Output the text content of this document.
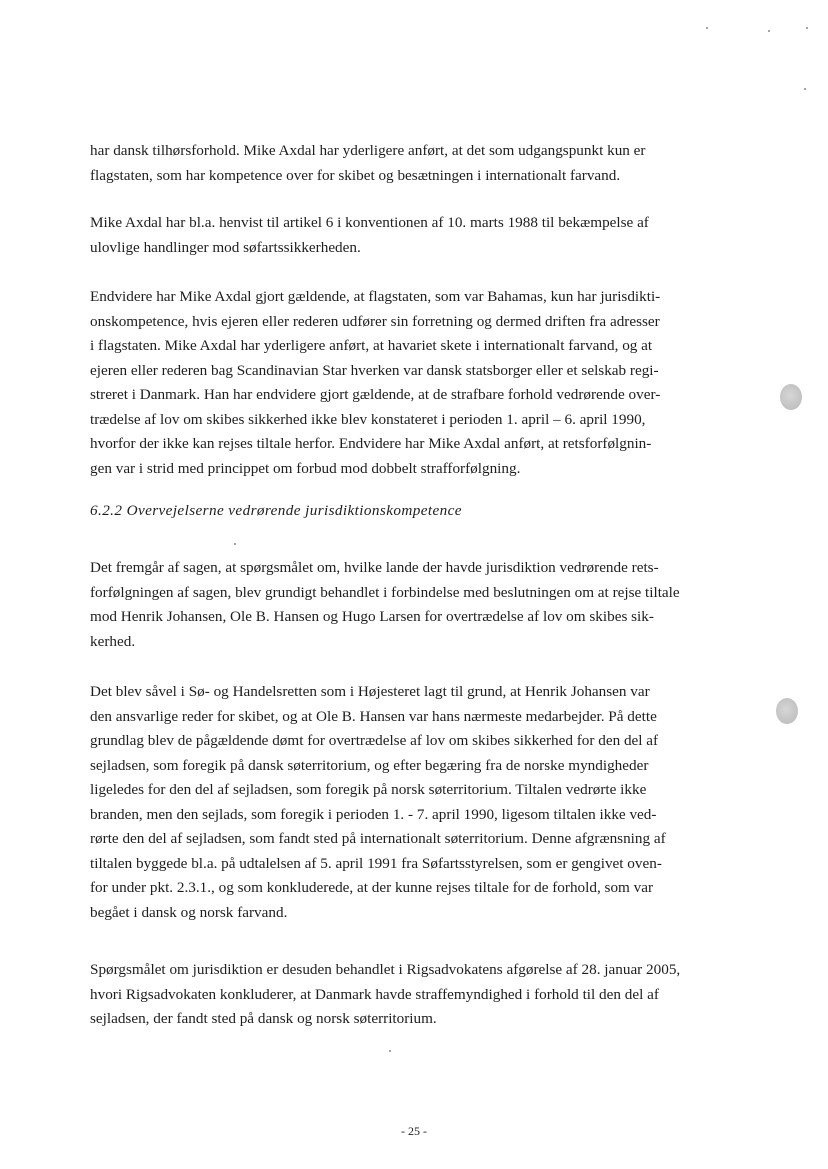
har dansk tilhørsforhold. Mike Axdal har yderligere anført, at det som udgangspunkt kun er
flagstaten, som har kompetence over for skibet og besætningen i internationalt farvand.

Mike Axdal har bl.a. henvist til artikel 6 i konventionen af 10. marts 1988 til bekæmpelse af
ulovlige handlinger mod søfartssikkerheden.

Endvidere har Mike Axdal gjort gældende, at flagstaten, som var Bahamas, kun har jurisdikti-
onskompetence, hvis ejeren eller rederen udfører sin forretning og dermed driften fra adresser
i flagstaten. Mike Axdal har yderligere anført, at havariet skete i internationalt farvand, og at
ejeren eller rederen bag Scandinavian Star hverken var dansk statsborger eller et selskab regi-
streret i Danmark. Han har endvidere gjort gældende, at de strafbare forhold vedrørende over-
trædelse af lov om skibes sikkerhed ikke blev konstateret i perioden 1. april – 6. april 1990,
hvorfor der ikke kan rejses tiltale herfor. Endvidere har Mike Axdal anført, at retsforfølgnin-
gen var i strid med princippet om forbud mod dobbelt strafforfølgning.

6.2.2 Overvejelserne vedrørende jurisdiktionskompetence

Det fremgår af sagen, at spørgsmålet om, hvilke lande der havde jurisdiktion vedrørende rets-
forfølgningen af sagen, blev grundigt behandlet i forbindelse med beslutningen om at rejse tiltale
mod Henrik Johansen, Ole B. Hansen og Hugo Larsen for overtrædelse af lov om skibes sik-
kerhed.

Det blev såvel i Sø- og Handelsretten som i Højesteret lagt til grund, at Henrik Johansen var
den ansvarlige reder for skibet, og at Ole B. Hansen var hans nærmeste medarbejder. På dette
grundlag blev de pågældende dømt for overtrædelse af lov om skibes sikkerhed for den del af
sejladsen, som foregik på dansk søterritorium, og efter begæring fra de norske myndigheder
ligeledes for den del af sejladsen, som foregik på norsk søterritorium. Tiltalen vedrørte ikke
branden, men den sejlads, som foregik i perioden 1. - 7. april 1990, ligesom tiltalen ikke ved-
rørte den del af sejladsen, som fandt sted på internationalt søterritorium. Denne afgrænsning af
tiltalen byggede bl.a. på udtalelsen af 5. april 1991 fra Søfartsstyrelsen, som er gengivet oven-
for under pkt. 2.3.1., og som konkluderede, at der kunne rejses tiltale for de forhold, som var
begået i dansk og norsk farvand.

Spørgsmålet om jurisdiktion er desuden behandlet i Rigsadvokatens afgørelse af 28. januar 2005,
hvori Rigsadvokaten konkluderer, at Danmark havde straffemyndighed i forhold til den del af
sejladsen, der fandt sted på dansk og norsk søterritorium.

- 25 -
